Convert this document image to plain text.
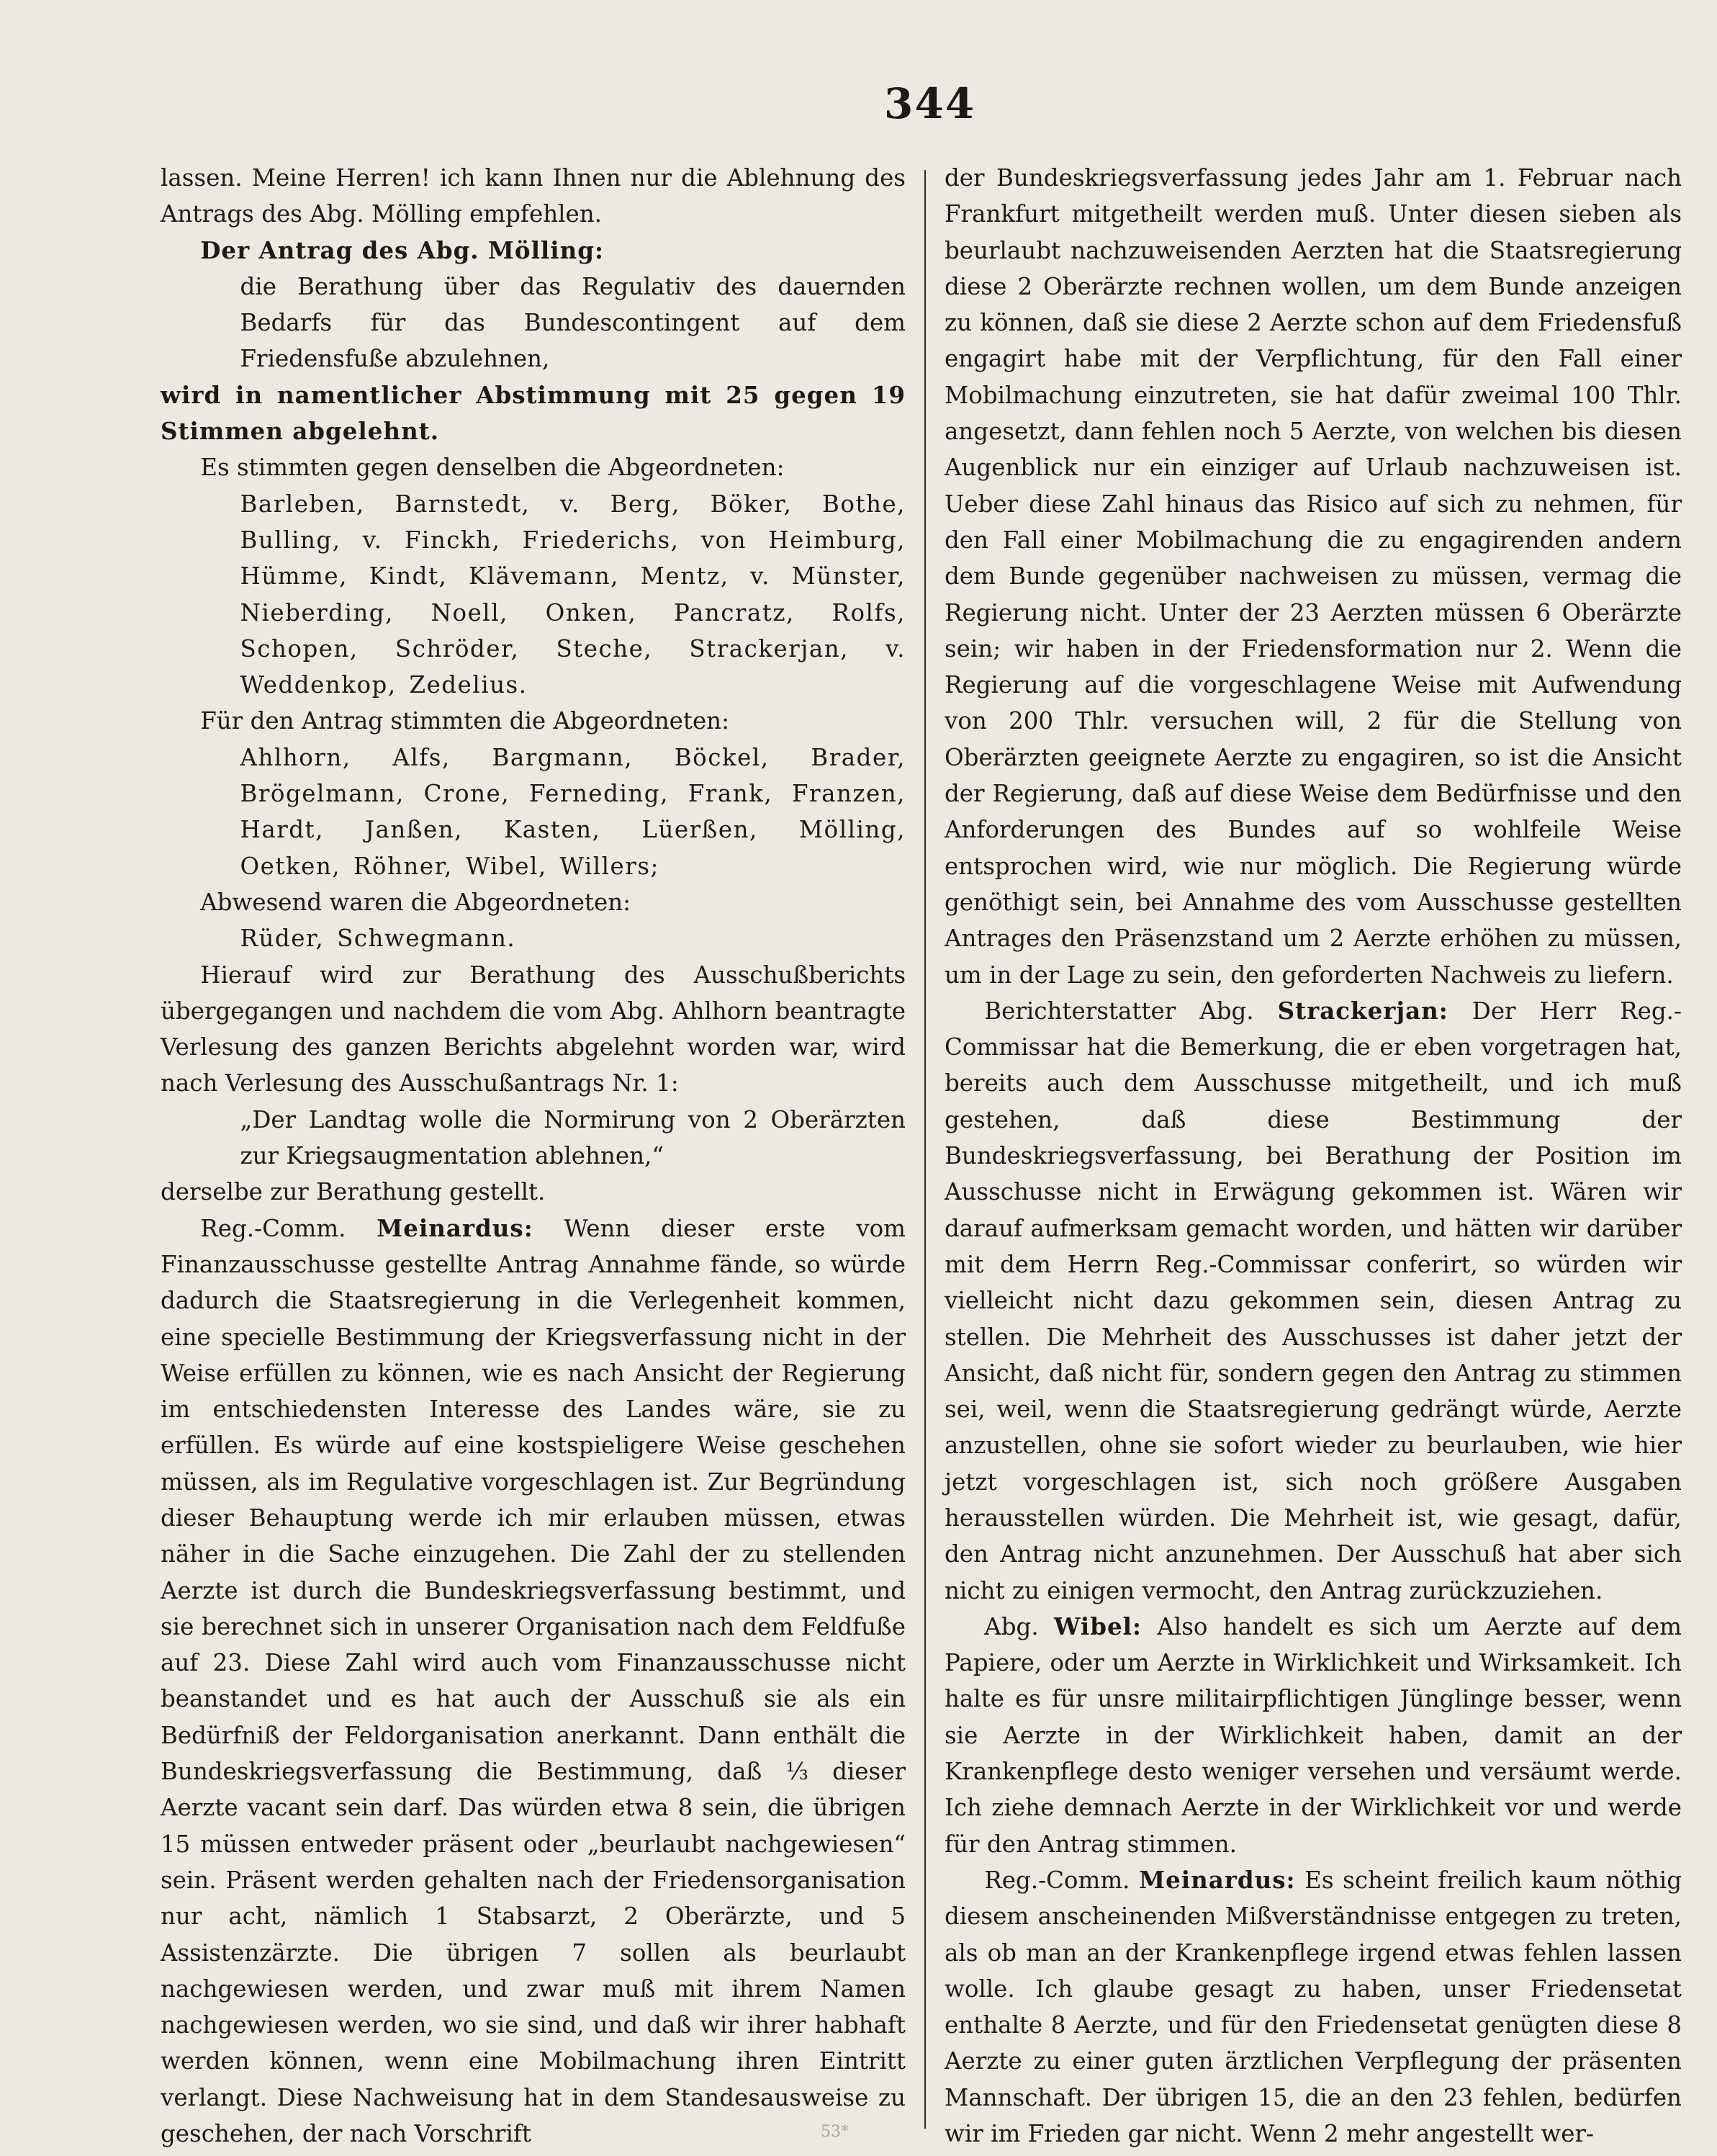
344

lassen. Meine Herren! ich kann Ihnen nur die Ablehnung des Antrags des Abg. Mölling empfehlen.

Der Antrag des Abg. Mölling:

die Berathung über das Regulativ des dauernden Bedarfs für das Bundescontingent auf dem Friedensfuße abzulehnen,

wird in namentlicher Abstimmung mit 25 gegen 19 Stimmen abgelehnt.

Es stimmten gegen denselben die Abgeordneten:

Barleben, Barnstedt, v. Berg, Böker, Bothe, Bulling, v. Finckh, Friederichs, von Heimburg, Hümme, Kindt, Klävemann, Mentz, v. Münster, Nieberding, Noell, Onken, Pancratz, Rolfs, Schopen, Schröder, Steche, Strackerjan, v. Weddenkop, Zedelius.

Für den Antrag stimmten die Abgeordneten:

Ahlhorn, Alfs, Bargmann, Böckel, Brader, Brögelmann, Crone, Ferneding, Frank, Franzen, Hardt, Janßen, Kasten, Lüerßen, Mölling, Oetken, Röhner, Wibel, Willers;

Abwesend waren die Abgeordneten:

Rüder, Schwegmann.

Hierauf wird zur Berathung des Ausschußberichts übergegangen und nachdem die vom Abg. Ahlhorn beantragte Verlesung des ganzen Berichts abgelehnt worden war, wird nach Verlesung des Ausschußantrags Nr. 1:

„Der Landtag wolle die Normirung von 2 Oberärzten zur Kriegsaugmentation ablehnen,“

derselbe zur Berathung gestellt.

Reg.-Comm. Meinardus: Wenn dieser erste vom Finanzausschusse gestellte Antrag Annahme fände, so würde dadurch die Staatsregierung in die Verlegenheit kommen, eine specielle Bestimmung der Kriegsverfassung nicht in der Weise erfüllen zu können, wie es nach Ansicht der Regierung im entschiedensten Interesse des Landes wäre, sie zu erfüllen. Es würde auf eine kostspieligere Weise geschehen müssen, als im Regulative vorgeschlagen ist. Zur Begründung dieser Behauptung werde ich mir erlauben müssen, etwas näher in die Sache einzugehen. Die Zahl der zu stellenden Aerzte ist durch die Bundeskriegsverfassung bestimmt, und sie berechnet sich in unserer Organisation nach dem Feldfuße auf 23. Diese Zahl wird auch vom Finanzausschusse nicht beanstandet und es hat auch der Ausschuß sie als ein Bedürfniß der Feldorganisation anerkannt. Dann enthält die Bundeskriegsverfassung die Bestimmung, daß ⅓ dieser Aerzte vacant sein darf. Das würden etwa 8 sein, die übrigen 15 müssen entweder präsent oder „beurlaubt nachgewiesen“ sein. Präsent werden gehalten nach der Friedensorganisation nur acht, nämlich 1 Stabsarzt, 2 Oberärzte, und 5 Assistenzärzte. Die übrigen 7 sollen als beurlaubt nachgewiesen werden, und zwar muß mit ihrem Namen nachgewiesen werden, wo sie sind, und daß wir ihrer habhaft werden können, wenn eine Mobilmachung ihren Eintritt verlangt. Diese Nachweisung hat in dem Standesausweise zu geschehen, der nach Vorschrift

der Bundeskriegsverfassung jedes Jahr am 1. Februar nach Frankfurt mitgetheilt werden muß. Unter diesen sieben als beurlaubt nachzuweisenden Aerzten hat die Staatsregierung diese 2 Oberärzte rechnen wollen, um dem Bunde anzeigen zu können, daß sie diese 2 Aerzte schon auf dem Friedensfuß engagirt habe mit der Verpflichtung, für den Fall einer Mobilmachung einzutreten, sie hat dafür zweimal 100 Thlr. angesetzt, dann fehlen noch 5 Aerzte, von welchen bis diesen Augenblick nur ein einziger auf Urlaub nachzuweisen ist. Ueber diese Zahl hinaus das Risico auf sich zu nehmen, für den Fall einer Mobilmachung die zu engagirenden andern dem Bunde gegenüber nachweisen zu müssen, vermag die Regierung nicht. Unter der 23 Aerzten müssen 6 Oberärzte sein; wir haben in der Friedensformation nur 2. Wenn die Regierung auf die vorgeschlagene Weise mit Aufwendung von 200 Thlr. versuchen will, 2 für die Stellung von Oberärzten geeignete Aerzte zu engagiren, so ist die Ansicht der Regierung, daß auf diese Weise dem Bedürfnisse und den Anforderungen des Bundes auf so wohlfeile Weise entsprochen wird, wie nur möglich. Die Regierung würde genöthigt sein, bei Annahme des vom Ausschusse gestellten Antrages den Präsenzstand um 2 Aerzte erhöhen zu müssen, um in der Lage zu sein, den geforderten Nachweis zu liefern.

Berichterstatter Abg. Strackerjan: Der Herr Reg.-Commissar hat die Bemerkung, die er eben vorgetragen hat, bereits auch dem Ausschusse mitgetheilt, und ich muß gestehen, daß diese Bestimmung der Bundeskriegsverfassung, bei Berathung der Position im Ausschusse nicht in Erwägung gekommen ist. Wären wir darauf aufmerksam gemacht worden, und hätten wir darüber mit dem Herrn Reg.-Commissar conferirt, so würden wir vielleicht nicht dazu gekommen sein, diesen Antrag zu stellen. Die Mehrheit des Ausschusses ist daher jetzt der Ansicht, daß nicht für, sondern gegen den Antrag zu stimmen sei, weil, wenn die Staatsregierung gedrängt würde, Aerzte anzustellen, ohne sie sofort wieder zu beurlauben, wie hier jetzt vorgeschlagen ist, sich noch größere Ausgaben herausstellen würden. Die Mehrheit ist, wie gesagt, dafür, den Antrag nicht anzunehmen. Der Ausschuß hat aber sich nicht zu einigen vermocht, den Antrag zurückzuziehen.

Abg. Wibel: Also handelt es sich um Aerzte auf dem Papiere, oder um Aerzte in Wirklichkeit und Wirksamkeit. Ich halte es für unsre militairpflichtigen Jünglinge besser, wenn sie Aerzte in der Wirklichkeit haben, damit an der Krankenpflege desto weniger versehen und versäumt werde. Ich ziehe demnach Aerzte in der Wirklichkeit vor und werde für den Antrag stimmen.

Reg.-Comm. Meinardus: Es scheint freilich kaum nöthig diesem anscheinenden Mißverständnisse entgegen zu treten, als ob man an der Krankenpflege irgend etwas fehlen lassen wolle. Ich glaube gesagt zu haben, unser Friedensetat enthalte 8 Aerzte, und für den Friedensetat genügten diese 8 Aerzte zu einer guten ärztlichen Verpflegung der präsenten Mannschaft. Der übrigen 15, die an den 23 fehlen, bedürfen wir im Frieden gar nicht. Wenn 2 mehr angestellt wer-

53*
